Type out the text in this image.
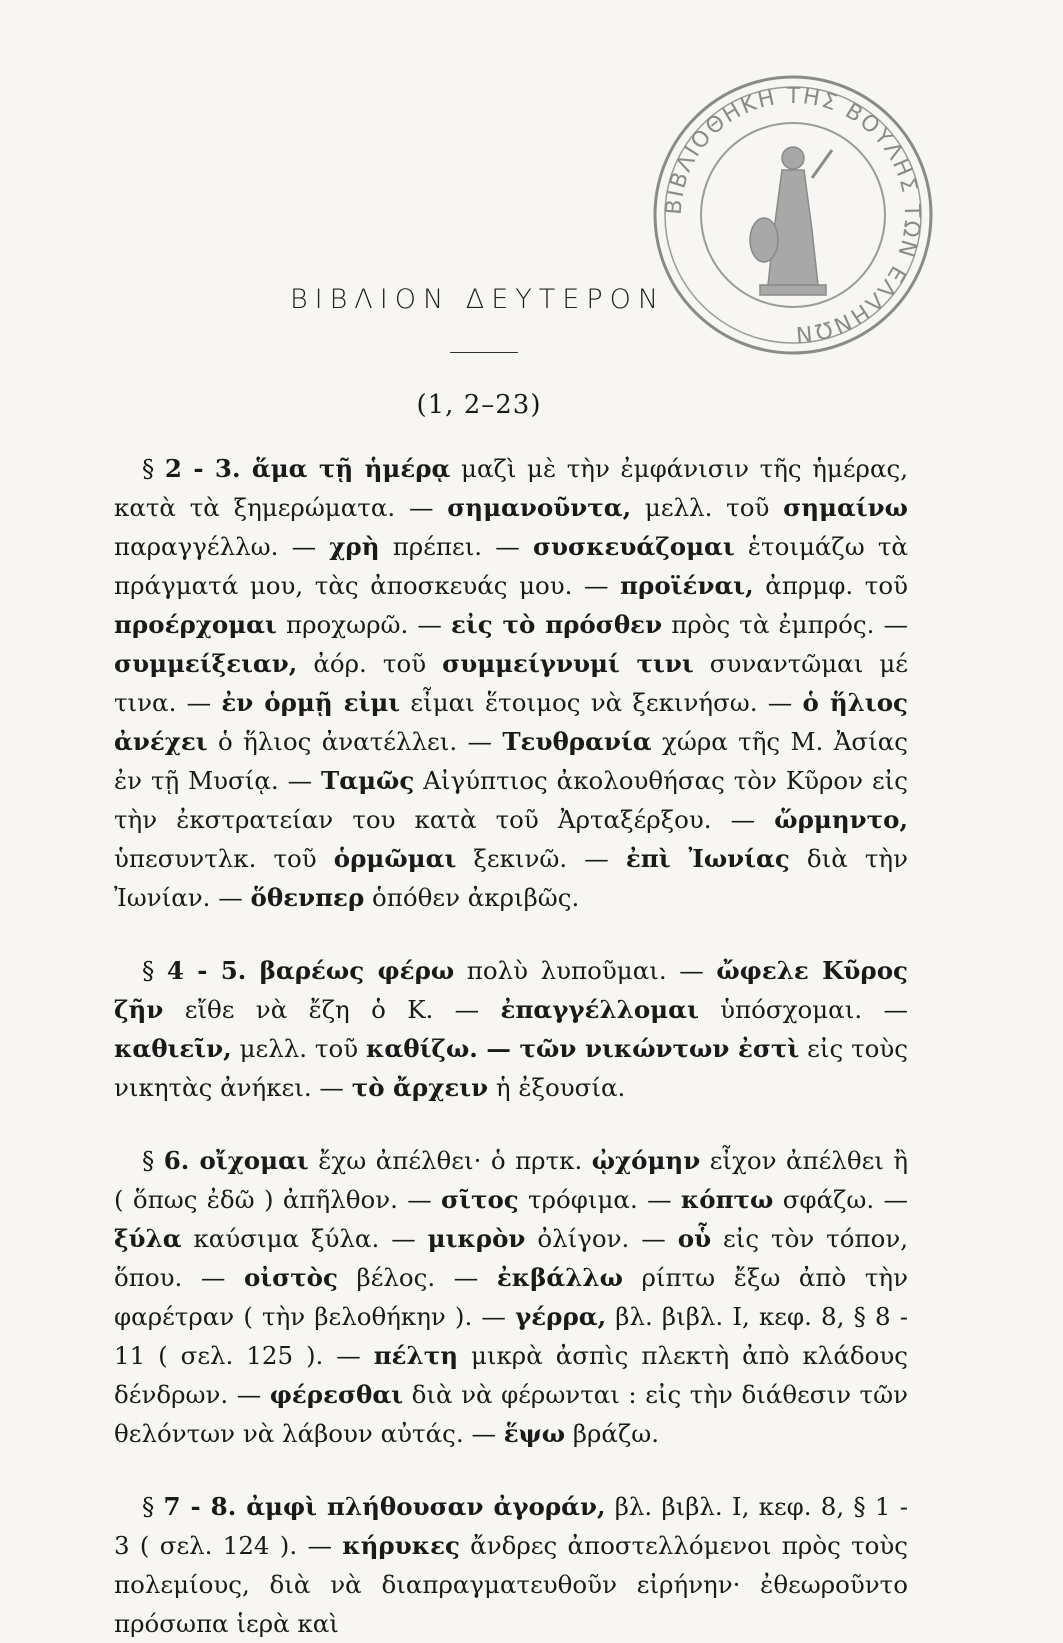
ΒΙΒΛΙΟΘΗΚΗ ΤΗΣ ΒΟΥΛΗΣ ΤΩΝ ΕΛΛΗΝΩΝ
ΒΙΒΛΙΟΝ ΔΕΥΤΕΡΟΝ
(1, 2–23)

§ 2 - 3. ἅμα τῇ ἡμέρᾳ μαζὶ μὲ τὴν ἐμφάνισιν τῆς ἡμέρας, κατὰ τὰ ξημερώματα. — σημανοῦντα, μελλ. τοῦ σημαίνω παραγγέλλω. — χρὴ πρέπει. — συσκευάζομαι ἑτοιμάζω τὰ πράγματά μου, τὰς ἀποσκευάς μου. — προϊέναι, ἀπρμφ. τοῦ προέρχομαι προχωρῶ. — εἰς τὸ πρόσθεν πρὸς τὰ ἐμπρός. — συμμείξειαν, ἀόρ. τοῦ συμμείγνυμί τινι συναντῶμαι μέ τινα. — ἐν ὁρμῇ εἰμι εἶμαι ἕτοιμος νὰ ξεκινήσω. — ὁ ἥλιος ἀνέχει ὁ ἥλιος ἀνατέλλει. — Τευθρανία χώρα τῆς Μ. Ἀσίας ἐν τῇ Μυσίᾳ. — Ταμῶς Αἰγύπτιος ἀκολουθήσας τὸν Κῦρον εἰς τὴν ἐκστρατείαν του κατὰ τοῦ Ἀρταξέρξου. — ὥρμηντο, ὑπεσυντλκ. τοῦ ὁρμῶμαι ξεκινῶ. — ἐπὶ Ἰωνίας διὰ τὴν Ἰωνίαν. — ὅθενπερ ὁπόθεν ἀκριβῶς.

§ 4 - 5. βαρέως φέρω πολὺ λυποῦμαι. — ὤφελε Κῦρος ζῆν εἴθε νὰ ἔζη ὁ Κ. — ἐπαγγέλλομαι ὑπόσχομαι. — καθιεῖν, μελλ. τοῦ καθίζω. — τῶν νικώντων ἐστὶ εἰς τοὺς νικητὰς ἀνήκει. — τὸ ἄρχειν ἡ ἐξουσία.

§ 6. οἴχομαι ἔχω ἀπέλθει· ὁ πρτκ. ᾠχόμην εἶχον ἀπέλθει ἢ ( ὅπως ἐδῶ ) ἀπῆλθον. — σῖτος τρόφιμα. — κόπτω σφάζω. — ξύλα καύσιμα ξύλα. — μικρὸν ὀλίγον. — οὗ εἰς τὸν τόπον, ὅπου. — οἰστὸς βέλος. — ἐκβάλλω ρίπτω ἔξω ἀπὸ τὴν φαρέτραν ( τὴν βελοθήκην ). — γέρρα, βλ. βιβλ. I, κεφ. 8, § 8 - 11 ( σελ. 125 ). — πέλτη μικρὰ ἀσπὶς πλεκτὴ ἀπὸ κλάδους δένδρων. — φέρεσθαι διὰ νὰ φέρωνται : εἰς τὴν διάθεσιν τῶν θελόντων νὰ λάβουν αὐτάς. — ἕψω βράζω.

§ 7 - 8. ἀμφὶ πλήθουσαν ἀγοράν, βλ. βιβλ. I, κεφ. 8, § 1 - 3 ( σελ. 124 ). — κήρυκες ἄνδρες ἀποστελλόμενοι πρὸς τοὺς πολεμίους, διὰ νὰ διαπραγματευθοῦν εἰρήνην· ἐθεωροῦντο πρόσωπα ἱερὰ καὶ
